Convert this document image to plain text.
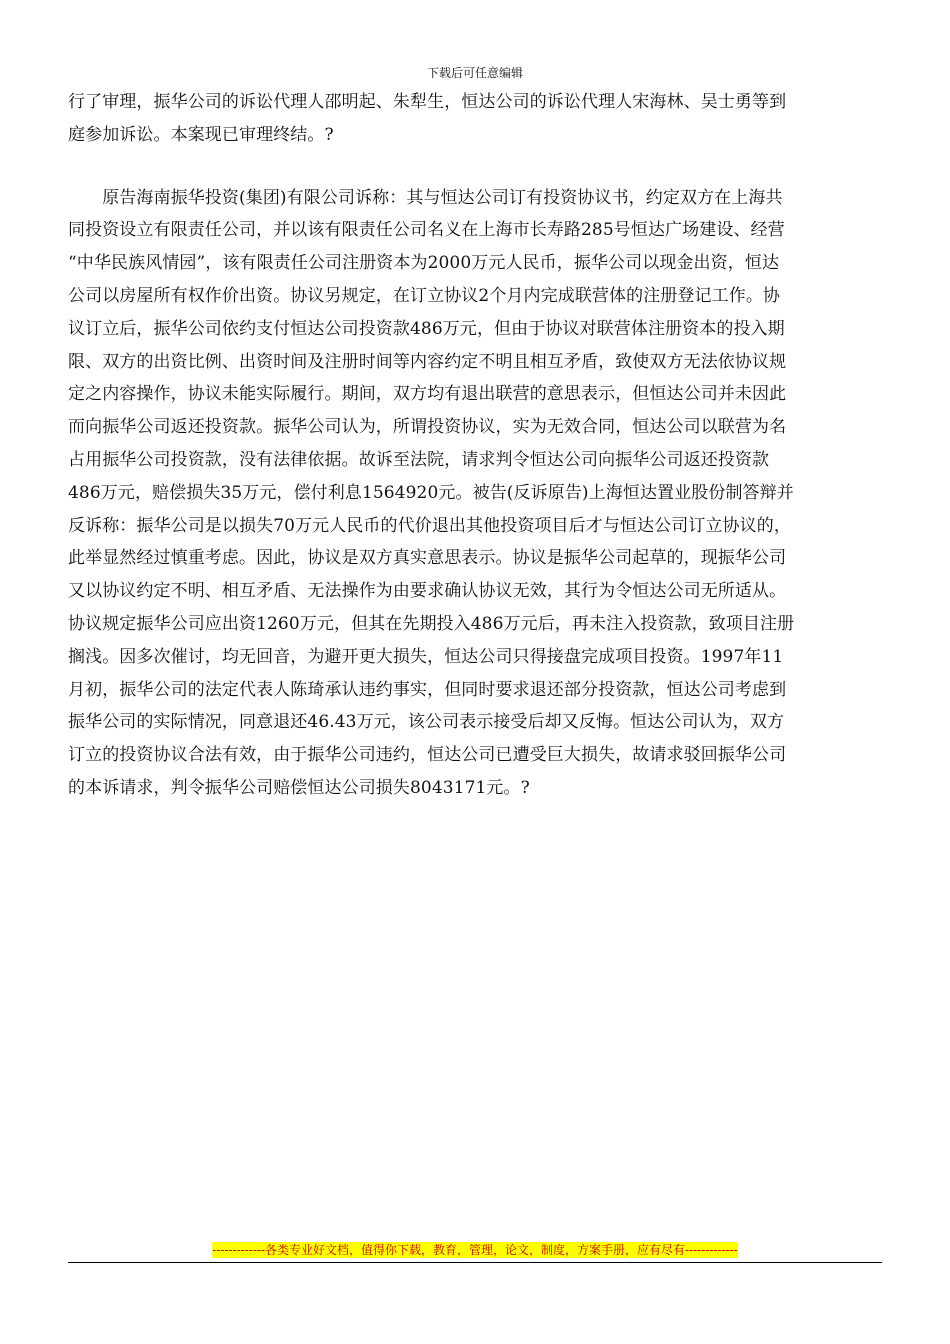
下载后可任意编辑
行了审理，振华公司的诉讼代理人邵明起、朱犁生，恒达公司的诉讼代理人宋海林、吴士勇等到
庭参加诉讼。本案现已审理终结。?
　　原告海南振华投资(集团)有限公司诉称：其与恒达公司订有投资协议书，约定双方在上海共
同投资设立有限责任公司，并以该有限责任公司名义在上海市长寿路285号恒达广场建设、经营
“中华民族风情园”，该有限责任公司注册资本为2000万元人民币，振华公司以现金出资，恒达
公司以房屋所有权作价出资。协议另规定，在订立协议2个月内完成联营体的注册登记工作。协
议订立后，振华公司依约支付恒达公司投资款486万元，但由于协议对联营体注册资本的投入期
限、双方的出资比例、出资时间及注册时间等内容约定不明且相互矛盾，致使双方无法依协议规
定之内容操作，协议未能实际履行。期间，双方均有退出联营的意思表示，但恒达公司并未因此
而向振华公司返还投资款。振华公司认为，所谓投资协议，实为无效合同，恒达公司以联营为名
占用振华公司投资款，没有法律依据。故诉至法院，请求判令恒达公司向振华公司返还投资款
486万元，赔偿损失35万元，偿付利息1564920元。被告(反诉原告)上海恒达置业股份制答辩并
反诉称：振华公司是以损失70万元人民币的代价退出其他投资项目后才与恒达公司订立协议的，
此举显然经过慎重考虑。因此，协议是双方真实意思表示。协议是振华公司起草的，现振华公司
又以协议约定不明、相互矛盾、无法操作为由要求确认协议无效，其行为令恒达公司无所适从。
协议规定振华公司应出资1260万元，但其在先期投入486万元后，再未注入投资款，致项目注册
搁浅。因多次催讨，均无回音，为避开更大损失，恒达公司只得接盘完成项目投资。1997年11
月初，振华公司的法定代表人陈琦承认违约事实，但同时要求退还部分投资款，恒达公司考虑到
振华公司的实际情况，同意退还46.43万元，该公司表示接受后却又反悔。恒达公司认为，双方
订立的投资协议合法有效，由于振华公司违约，恒达公司已遭受巨大损失，故请求驳回振华公司
的本诉请求，判令振华公司赔偿恒达公司损失8043171元。?
-------------各类专业好文档，值得你下载，教育，管理，论文，制度，方案手册，应有尽有-------------
